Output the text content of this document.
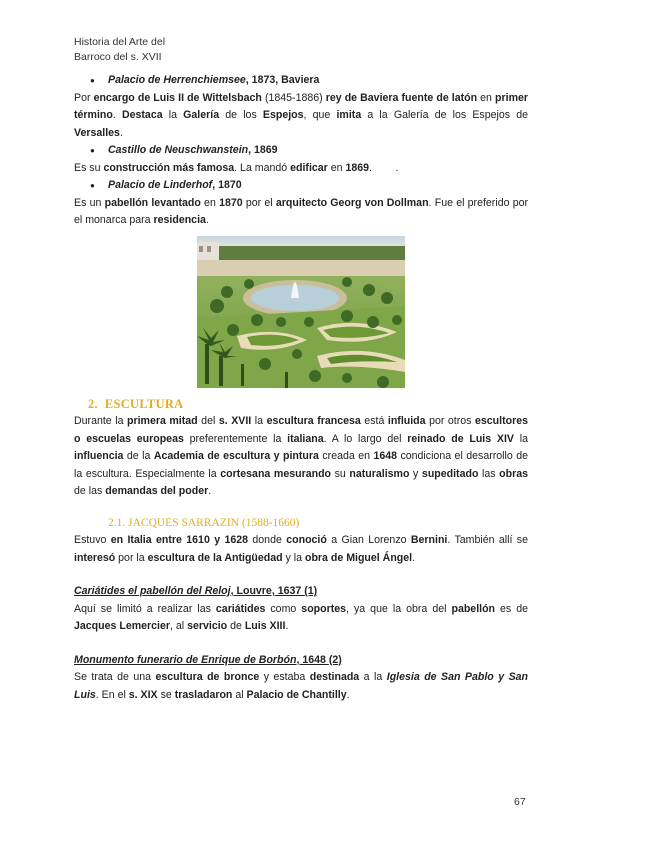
Historia del Arte del
Barroco del s. XVII
●	Palacio de Herrenchiemsee, 1873, Baviera

Por encargo de Luis II de Wittelsbach (1845-1886) rey de Baviera fuente de latón en primer término. Destaca la Galería de los Espejos, que imita a la Galería de los Espejos de Versalles.

●	Castillo de Neuschwanstein, 1869

Es su construcción más famosa. La mandó edificar en 1869.        .

●	Palacio de Linderhof, 1870

Es un pabellón levantado en 1870 por el arquitecto Georg von Dollman. Fue el preferido por el monarca para residencia.

2. ESCULTURA

Durante la primera mitad del s. XVII la escultura francesa está influida por otros escultores o escuelas europeas preferentemente la italiana. A lo largo del reinado de Luis XIV la influencia de la Academia de escultura y pintura creada en 1648 condiciona el desarrollo de la escultura. Especialmente la cortesana mesurando su naturalismo y supeditado las obras de las demandas del poder.

2.1. JACQUES SARRAZIN (1588-1660)

Estuvo en Italia entre 1610 y 1628 donde conoció a Gian Lorenzo Bernini. También allí se interesó por la escultura de la Antigüedad y la obra de Miguel Ángel.

Cariátides el pabellón del Reloj, Louvre, 1637 (1)

Aquí se limitó a realizar las cariátides como soportes, ya que la obra del pabellón es de Jacques Lemercier, al servicio de Luis XIII.

Monumento funerario de Enrique de Borbón, 1648 (2)

Se trata de una escultura de bronce y estaba destinada a la Iglesia de San Pablo y San Luis. En el s. XIX se trasladaron al Palacio de Chantilly.

67
